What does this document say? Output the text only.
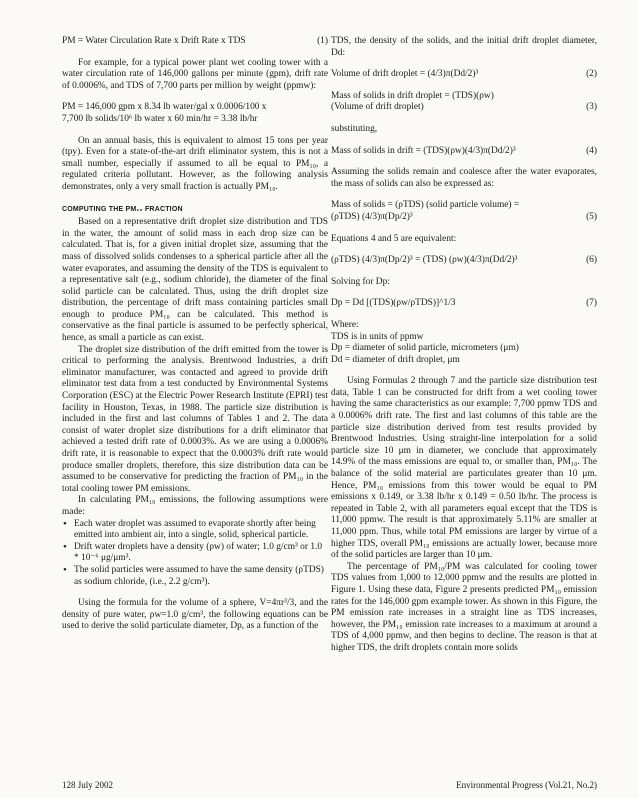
PM = Water Circulation Rate x Drift Rate x TDS	(1)

For example, for a typical power plant wet cooling tower with a water circulation rate of 146,000 gallons per minute (gpm), drift rate of 0.0006%, and TDS of 7,700 parts per million by weight (ppmw):

PM = 146,000 gpm x 8.34 lb water/gal x 0.0006/100 x
7,700 lb solids/10⁶ lb water x 60 min/hr = 3.38 lb/hr

On an annual basis, this is equivalent to almost 15 tons per year (tpy). Even for a state-of-the-art drift eliminator system, this is not a small number, especially if assumed to all be equal to PM₁₀, a regulated criteria pollutant. However, as the following analysis demonstrates, only a very small fraction is actually PM₁₀.

COMPUTING THE PM₁₀ FRACTION

Based on a representative drift droplet size distribution and TDS in the water, the amount of solid mass in each drop size can be calculated. That is, for a given initial droplet size, assuming that the mass of dissolved solids condenses to a spherical particle after all the water evaporates, and assuming the density of the TDS is equivalent to a representative salt (e.g., sodium chloride), the diameter of the final solid particle can be calculated. Thus, using the drift droplet size distribution, the percentage of drift mass containing particles small enough to produce PM₁₀ can be calculated. This method is conservative as the final particle is assumed to be perfectly spherical, hence, as small a particle as can exist.

The droplet size distribution of the drift emitted from the tower is critical to performing the analysis. Brentwood Industries, a drift eliminator manufacturer, was contacted and agreed to provide drift eliminator test data from a test conducted by Environmental Systems Corporation (ESC) at the Electric Power Research Institute (EPRI) test facility in Houston, Texas, in 1988. The particle size distribution is included in the first and last columns of Tables 1 and 2. The data consist of water droplet size distributions for a drift eliminator that achieved a tested drift rate of 0.0003%. As we are using a 0.0006% drift rate, it is reasonable to expect that the 0.0003% drift rate would produce smaller droplets, therefore, this size distribution data can be assumed to be conservative for predicting the fraction of PM₁₀ in the total cooling tower PM emissions.

In calculating PM₁₀ emissions, the following assumptions were made:

• Each water droplet was assumed to evaporate shortly after being emitted into ambient air, into a single, solid, spherical particle.
• Drift water droplets have a density (ρw) of water; 1.0 g/cm³ or 1.0 * 10⁻⁶ μg/μm³.
• The solid particles were assumed to have the same density (ρTDS) as sodium chloride, (i.e., 2.2 g/cm³).

Using the formula for the volume of a sphere, V=4πr³/3, and the density of pure water, ρw=1.0 g/cm³, the following equations can be used to derive the solid particulate diameter, Dp, as a function of the

TDS, the density of the solids, and the initial drift droplet diameter, Dd:

Volume of drift droplet = (4/3)π(Dd/2)³	(2)
Mass of solids in drift droplet = (TDS)(ρw)
(Volume of drift droplet)	(3)
substituting,
Mass of solids in drift = (TDS)(ρw)(4/3)π(Dd/2)³	(4)

Assuming the solids remain and coalesce after the water evaporates, the mass of solids can also be expressed as:

Mass of solids = (ρTDS) (solid particle volume) =
(ρTDS) (4/3)π(Dp/2)³	(5)
Equations 4 and 5 are equivalent:
(ρTDS) (4/3)π(Dp/2)³ = (TDS) (ρw)(4/3)π(Dd/2)³	(6)
Solving for Dp:
Dp = Dd [(TDS)(ρw/ρTDS)]^1/3	(7)
Where:
TDS is in units of ppmw
Dp = diameter of solid particle, micrometers (μm)
Dd = diameter of drift droplet, μm

Using Formulas 2 through 7 and the particle size distribution test data, Table 1 can be constructed for drift from a wet cooling tower having the same characteristics as our example: 7,700 ppmw TDS and a 0.0006% drift rate. The first and last columns of this table are the particle size distribution derived from test results provided by Brentwood Industries. Using straight-line interpolation for a solid particle size 10 μm in diameter, we conclude that approximately 14.9% of the mass emissions are equal to, or smaller than, PM₁₀. The balance of the solid material are particulates greater than 10 μm. Hence, PM₁₀ emissions from this tower would be equal to PM emissions x 0.149, or 3.38 lb/hr x 0.149 = 0.50 lb/hr. The process is repeated in Table 2, with all parameters equal except that the TDS is 11,000 ppmw. The result is that approximately 5.11% are smaller at 11,000 ppm. Thus, while total PM emissions are larger by virtue of a higher TDS, overall PM₁₀ emissions are actually lower, because more of the solid particles are larger than 10 μm.

The percentage of PM₁₀/PM was calculated for cooling tower TDS values from 1,000 to 12,000 ppmw and the results are plotted in Figure 1. Using these data, Figure 2 presents predicted PM₁₀ emission rates for the 146,000 gpm example tower. As shown in this Figure, the PM emission rate increases in a straight line as TDS increases, however, the PM₁₀ emission rate increases to a maximum at around a TDS of 4,000 ppmw, and then begins to decline. The reason is that at higher TDS, the drift droplets contain more solids

128 July 2002	Environmental Progress (Vol.21, No.2)
